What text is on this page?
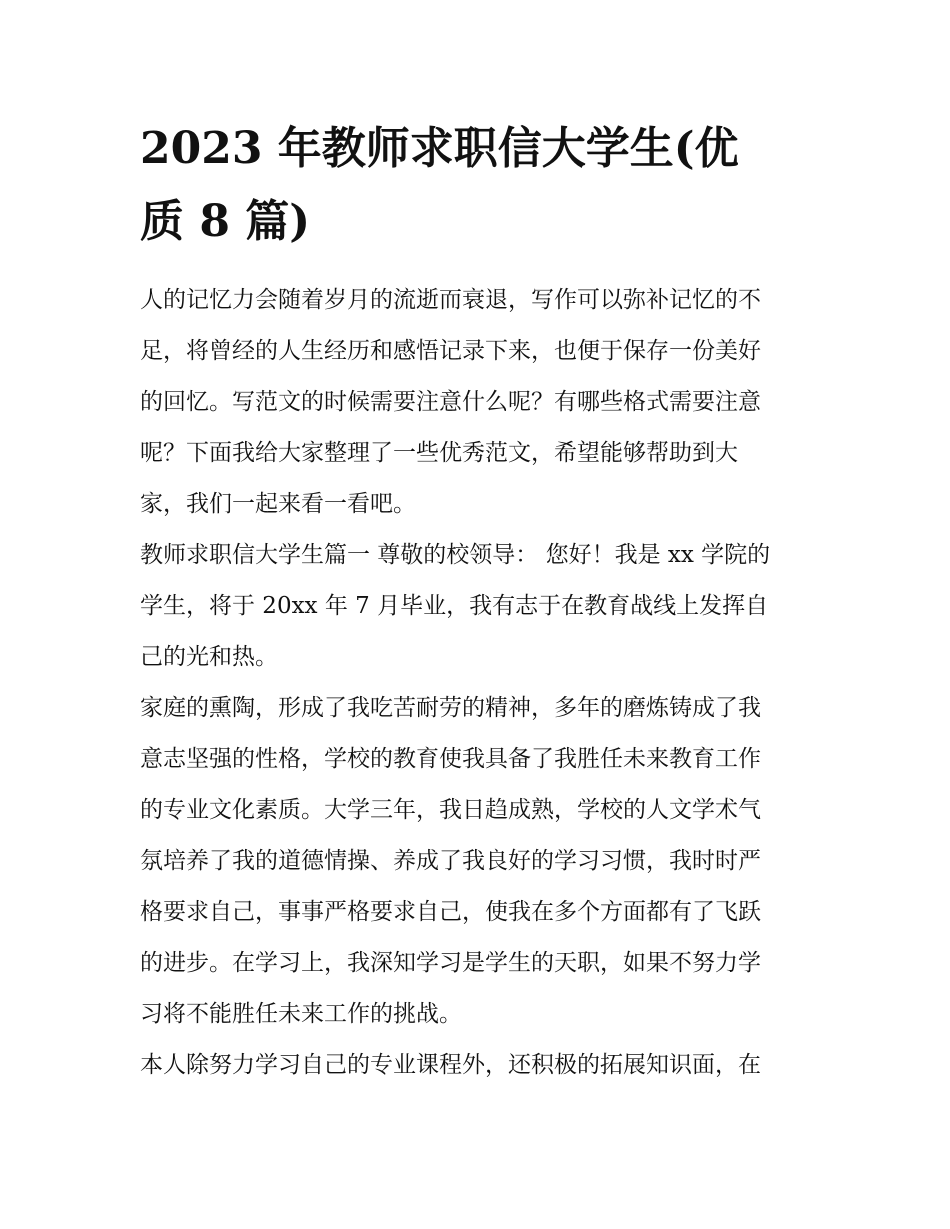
2023 年教师求职信大学生(优
质 8 篇)

人的记忆力会随着岁月的流逝而衰退，写作可以弥补记忆的不
足，将曾经的人生经历和感悟记录下来，也便于保存一份美好
的回忆。写范文的时候需要注意什么呢？有哪些格式需要注意
呢？下面我给大家整理了一些优秀范文，希望能够帮助到大
家，我们一起来看一看吧。

教师求职信大学生篇一 尊敬的校领导： 您好！我是 xx 学院的
学生，将于 20xx 年 7 月毕业，我有志于在教育战线上发挥自
己的光和热。

家庭的熏陶，形成了我吃苦耐劳的精神，多年的磨炼铸成了我
意志坚强的性格，学校的教育使我具备了我胜任未来教育工作
的专业文化素质。大学三年，我日趋成熟，学校的人文学术气
氛培养了我的道德情操、养成了我良好的学习习惯，我时时严
格要求自己，事事严格要求自己，使我在多个方面都有了飞跃
的进步。在学习上，我深知学习是学生的天职，如果不努力学
习将不能胜任未来工作的挑战。

本人除努力学习自己的专业课程外，还积极的拓展知识面，在
